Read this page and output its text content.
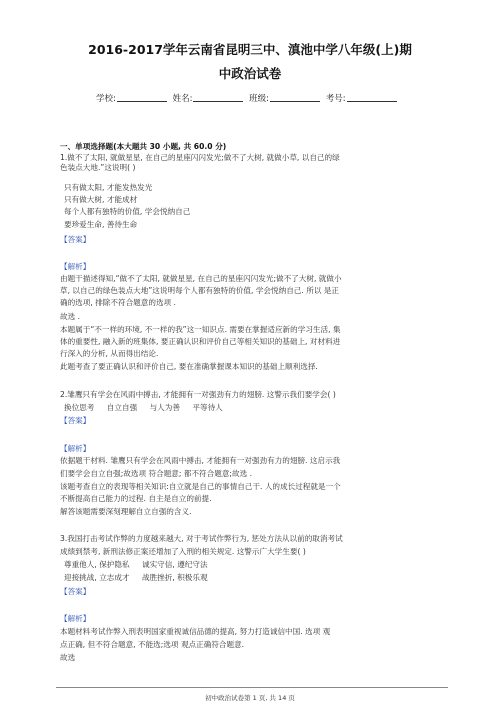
2016-2017学年云南省昆明三中、滇池中学八年级(上)期
中政治试卷
学校:	姓名:	班级:	考号:
一、单项选择题(本大题共 30 小题, 共 60.0 分)
1.做不了太阳, 就做星星, 在自己的星座闪闪发光;做不了大树, 就做小草, 以自己的绿
色装点大地.”这说明( )
只有做太阳, 才能发热发光
只有做大树, 才能成材
每个人都有独特的价值, 学会悦纳自己
要珍爱生命, 善待生命
【答案】
【解析】
由题干描述得知,“做不了太阳, 就做星星, 在自己的星座闪闪发光;做不了大树, 就做小
草, 以自己的绿色装点大地”这说明每个人都有独特的价值, 学会悦纳自己. 所以 是正
确的选项, 排除不符合题意的选项 .
故选 .
本题属于“不一样的环境, 不一样的我”这一知识点. 需要在掌握适应新的学习生活, 集
体的重要性, 融入新的班集体, 要正确认识和评价自己等相关知识的基础上, 对材料进
行深入的分析, 从而得出结论.
此题考查了要正确认识和评价自己, 要在准确掌握课本知识的基础上顺利选择.
2.雏鹰只有学会在风雨中搏击, 才能拥有一对强劲有力的翅膀. 这警示我们要学会( )
换位思考 自立自强 与人为善 平等待人
【答案】
【解析】
依据题干材料. 雏鹰只有学会在风雨中搏击, 才能拥有一对强劲有力的翅膀. 这启示我
们要学会自立自强;故选项 符合题意; 都不符合题意;故选 .
该题考查自立的表现等相关知识:自立就是自己的事情自己干. 人的成长过程就是一个
不断提高自己能力的过程. 自主是自立的前提.
解答该题需要深刻理解自立自强的含义.
3.我国打击考试作弊的力度越来越大, 对于考试作弊行为, 惩处方法从以前的取消考试
成绩到禁考, 新刑法修正案还增加了入刑的相关规定. 这警示广大学生要( )
尊重他人, 保护隐私 诚实守信, 遵纪守法
迎接挑战, 立志成才 战胜挫折, 积极乐观
【答案】
【解析】
本题材料考试作弊入刑表明国家重视诚信品德的提高, 努力打造诚信中国. 选项 观
点正确, 但不符合题意, 不能选;选项 观点正确符合题意.
故选
初中政治试卷第 1 页, 共 14 页
